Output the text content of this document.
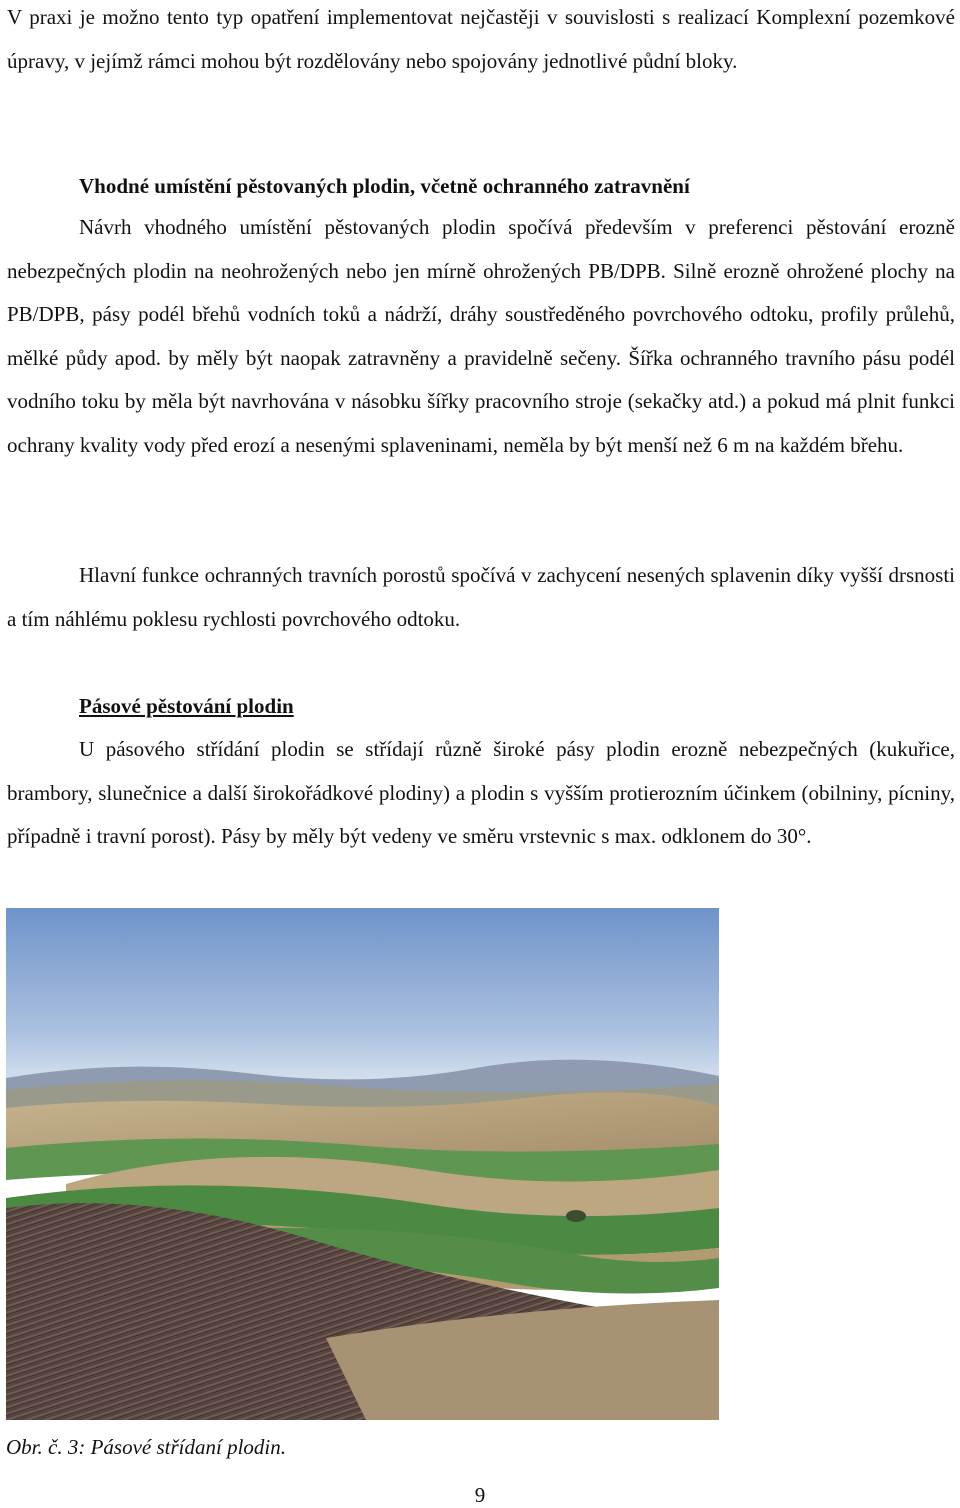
V praxi je možno tento typ opatření implementovat nejčastěji v souvislosti s realizací Komplexní pozemkové úpravy, v jejímž rámci mohou být rozdělovány nebo spojovány jednotlivé půdní bloky.

Vhodné umístění pěstovaných plodin, včetně ochranného zatravnění

Návrh vhodného umístění pěstovaných plodin spočívá především v preferenci pěstování erozně nebezpečných plodin na neohrožených nebo jen mírně ohrožených PB/DPB. Silně erozně ohrožené plochy na PB/DPB, pásy podél břehů vodních toků a nádrží, dráhy soustředěného povrchového odtoku, profily průlehů, mělké půdy apod. by měly být naopak zatravněny a pravidelně sečeny. Šířka ochranného travního pásu podél vodního toku by měla být navrhována v násobku šířky pracovního stroje (sekačky atd.) a pokud má plnit funkci ochrany kvality vody před erozí a nesenými splaveninami, neměla by být menší než 6 m na každém břehu.

Hlavní funkce ochranných travních porostů spočívá v zachycení nesených splavenin díky vyšší drsnosti a tím náhlému poklesu rychlosti povrchového odtoku.

Pásové pěstování plodin

U pásového střídání plodin se střídají různě široké pásy plodin erozně nebezpečných (kukuřice, brambory, slunečnice a další širokořádkové plodiny) a plodin s vyšším protierozním účinkem (obilniny, pícniny, případně i travní porost). Pásy by měly být vedeny ve směru vrstevnic s max. odklonem do 30°.

Obr. č. 3: Pásové střídaní plodin.

9
